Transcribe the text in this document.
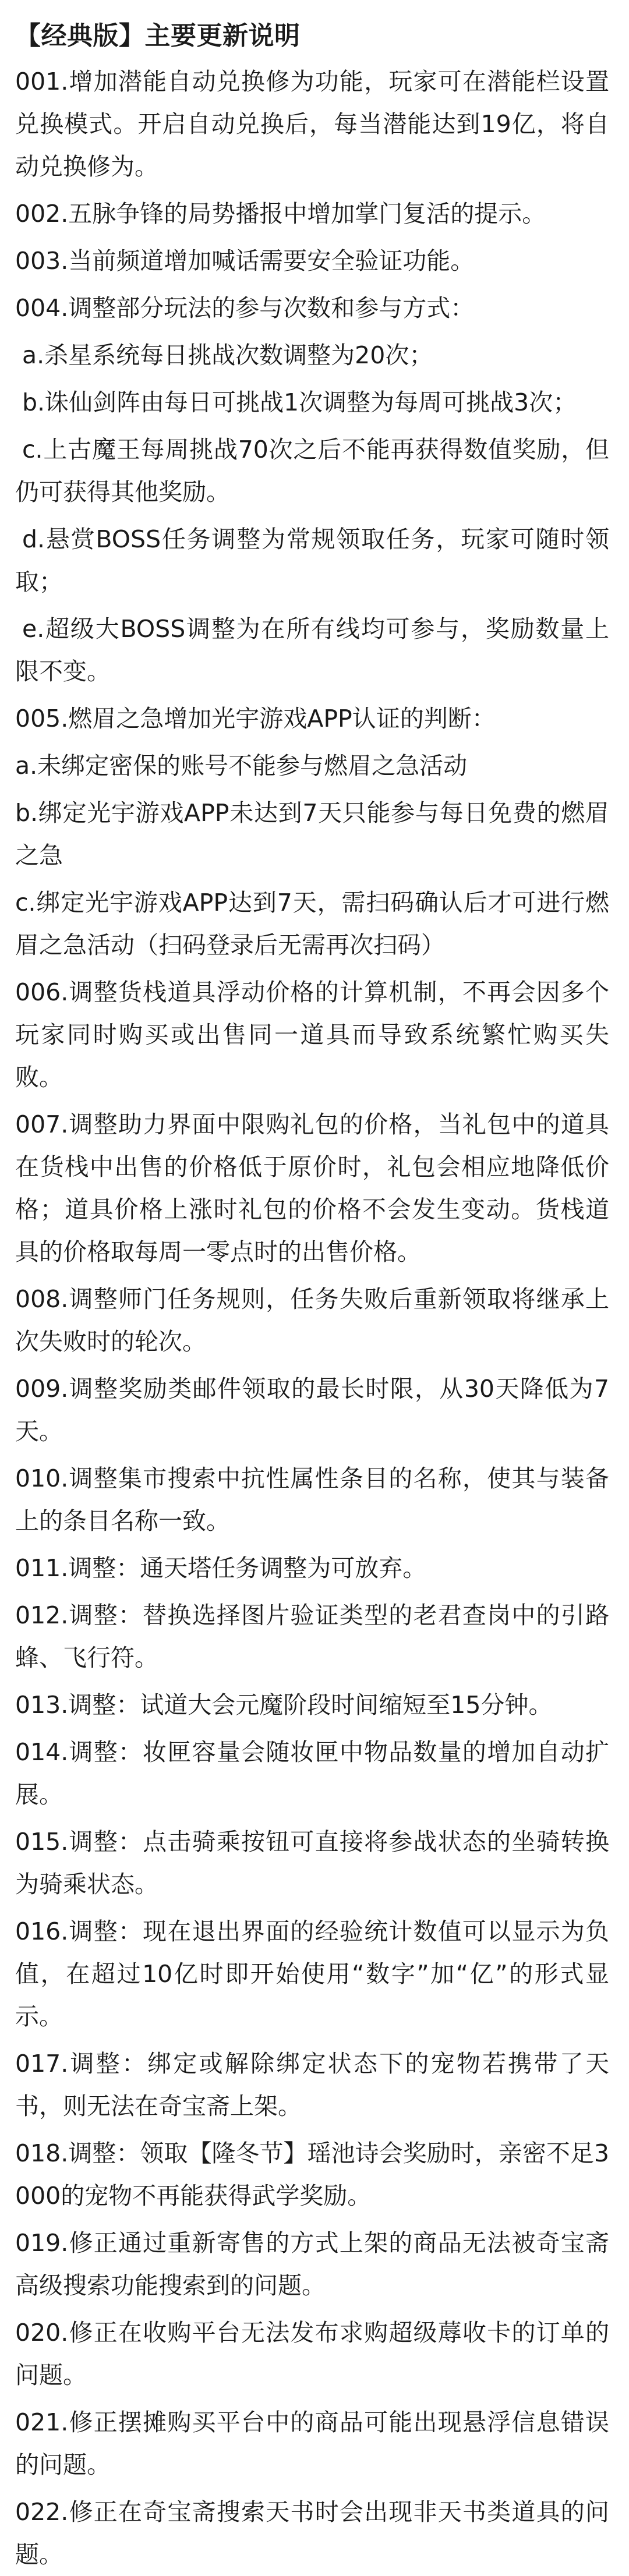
【经典版】主要更新说明
001.增加潜能自动兑换修为功能，玩家可在潜能栏设置兑换模式。开启自动兑换后，每当潜能达到19亿，将自动兑换修为。
002.五脉争锋的局势播报中增加掌门复活的提示。
003.当前频道增加喊话需要安全验证功能。
004.调整部分玩法的参与次数和参与方式：
a.杀星系统每日挑战次数调整为20次；
b.诛仙剑阵由每日可挑战1次调整为每周可挑战3次；
c.上古魔王每周挑战70次之后不能再获得数值奖励，但仍可获得其他奖励。
d.悬赏BOSS任务调整为常规领取任务，玩家可随时领取；
e.超级大BOSS调整为在所有线均可参与，奖励数量上限不变。
005.燃眉之急增加光宇游戏APP认证的判断：
a.未绑定密保的账号不能参与燃眉之急活动
b.绑定光宇游戏APP未达到7天只能参与每日免费的燃眉之急
c.绑定光宇游戏APP达到7天，需扫码确认后才可进行燃眉之急活动（扫码登录后无需再次扫码）
006.调整货栈道具浮动价格的计算机制，不再会因多个玩家同时购买或出售同一道具而导致系统繁忙购买失败。
007.调整助力界面中限购礼包的价格，当礼包中的道具在货栈中出售的价格低于原价时，礼包会相应地降低价格；道具价格上涨时礼包的价格不会发生变动。货栈道具的价格取每周一零点时的出售价格。
008.调整师门任务规则，任务失败后重新领取将继承上次失败时的轮次。
009.调整奖励类邮件领取的最长时限，从30天降低为7天。
010.调整集市搜索中抗性属性条目的名称，使其与装备上的条目名称一致。
011.调整：通天塔任务调整为可放弃。
012.调整：替换选择图片验证类型的老君查岗中的引路蜂、飞行符。
013.调整：试道大会元魔阶段时间缩短至15分钟。
014.调整：妆匣容量会随妆匣中物品数量的增加自动扩展。
015.调整：点击骑乘按钮可直接将参战状态的坐骑转换为骑乘状态。
016.调整：现在退出界面的经验统计数值可以显示为负值，在超过10亿时即开始使用“数字”加“亿”的形式显示。
017.调整：绑定或解除绑定状态下的宠物若携带了天书，则无法在奇宝斋上架。
018.调整：领取【隆冬节】瑶池诗会奖励时，亲密不足3000的宠物不再能获得武学奖励。
019.修正通过重新寄售的方式上架的商品无法被奇宝斋高级搜索功能搜索到的问题。
020.修正在收购平台无法发布求购超级蓐收卡的订单的问题。
021.修正摆摊购买平台中的商品可能出现悬浮信息错误的问题。
022.修正在奇宝斋搜索天书时会出现非天书类道具的问题。
